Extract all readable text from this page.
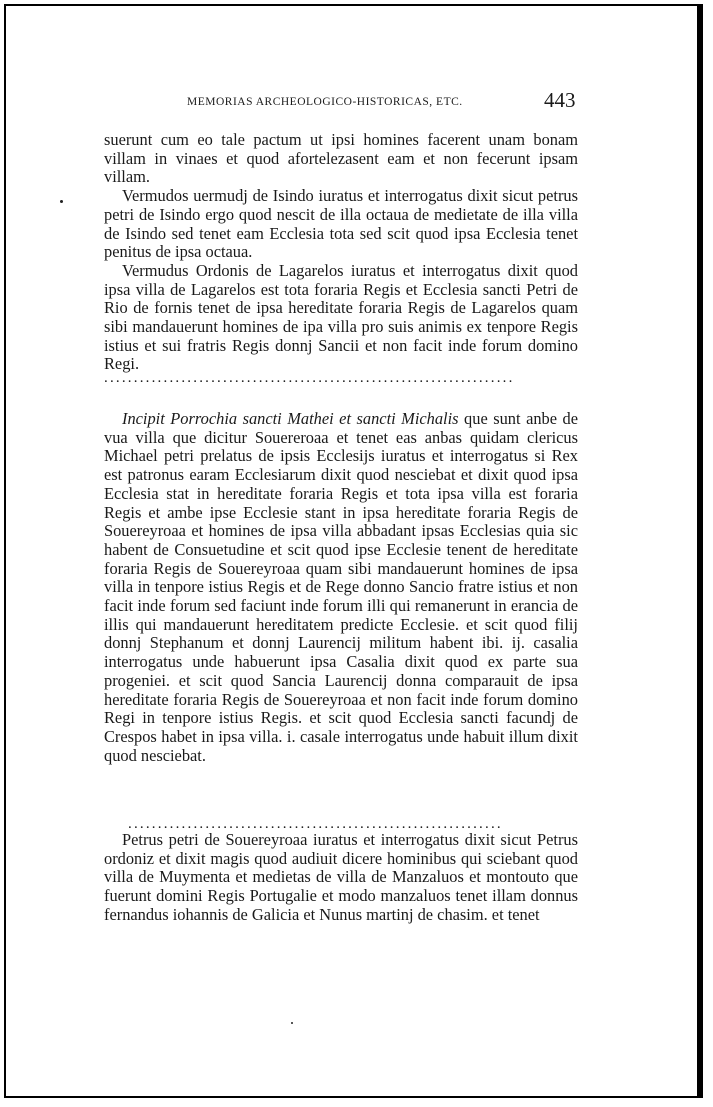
MEMORIAS ARCHEOLOGICO-HISTORICAS, ETC.	443

suerunt cum eo tale pactum ut ipsi homines facerent unam bonam villam in vinaes et quod afortelezasent eam et non fecerunt ipsam villam.

Vermudos uermudj de Isindo iuratus et interrogatus dixit sicut petrus petri de Isindo ergo quod nescit de illa octaua de medietate de illa villa de Isindo sed tenet eam Ecclesia tota sed scit quod ipsa Ecclesia tenet penitus de ipsa octaua.

Vermudus Ordonis de Lagarelos iuratus et interrogatus dixit quod ipsa villa de Lagarelos est tota foraria Regis et Ecclesia sancti Petri de Rio de fornis tenet de ipsa hereditate foraria Regis de Lagarelos quam sibi mandauerunt homines de ipa villa pro suis animis ex tenpore Regis istius et sui fratris Regis donnj Sancii et non facit inde forum domino Regi.

.....................................................................

Incipit Porrochia sancti Mathei et sancti Michalis que sunt anbe de vua villa que dicitur Souereroaa et tenet eas anbas quidam clericus Michael petri prelatus de ipsis Ecclesijs iuratus et interrogatus si Rex est patronus earam Ecclesiarum dixit quod nesciebat et dixit quod ipsa Ecclesia stat in hereditate foraria Regis et tota ipsa villa est foraria Regis et ambe ipse Ecclesie stant in ipsa hereditate foraria Regis de Souereyroaa et homines de ipsa villa abbadant ipsas Ecclesias quia sic habent de Consuetudine et scit quod ipse Ecclesie tenent de hereditate foraria Regis de Souereyroaa quam sibi mandauerunt homines de ipsa villa in tenpore istius Regis et de Rege donno Sancio fratre istius et non facit inde forum sed faciunt inde forum illi qui remanerunt in erancia de illis qui mandauerunt hereditatem predicte Ecclesie. et scit quod filij donnj Stephanum et donnj Laurencij militum habent ibi. ij. casalia interrogatus unde habuerunt ipsa Casalia dixit quod ex parte sua progeniei. et scit quod Sancia Laurencij donna comparauit de ipsa hereditate foraria Regis de Souereyroaa et non facit inde forum domino Regi in tenpore istius Regis. et scit quod Ecclesia sancti facundj de Crespos habet in ipsa villa. i. casale interrogatus unde habuit illum dixit quod nesciebat.

...............................................................

Petrus petri de Souereyroaa iuratus et interrogatus dixit sicut Petrus ordoniz et dixit magis quod audiuit dicere hominibus qui sciebant quod villa de Muymenta et medietas de villa de Manzaluos et montouto que fuerunt domini Regis Portugalie et modo manzaluos tenet illam donnus fernandus iohannis de Galicia et Nunus martinj de chasim. et tenet
